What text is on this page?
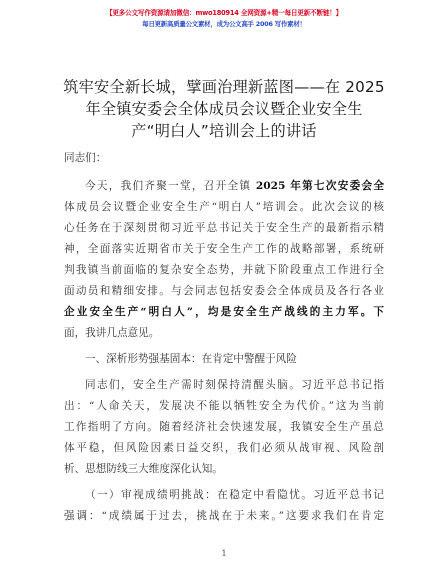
【更多公文写作资源请加微信：mwo180914 全网资源+精一每日更新不断链！】
每日更新高质量公文素材，成为公文高手 2006 写作素材！
筑牢安全新长城，擘画治理新蓝图——在 2025
年全镇安委会全体成员会议暨企业安全生
产“明白人”培训会上的讲话
同志们：
今天，我们齐聚一堂，召开全镇 2025 年第七次安委会全
体成员会议暨企业安全生产“明白人”培训会。此次会议的核
心任务在于深刻贯彻习近平总书记关于安全生产的最新指示精
神，全面落实近期省市关于安全生产工作的战略部署，系统研
判我镇当前面临的复杂安全态势，并就下阶段重点工作进行全
面动员和精细安排。与会同志包括安委会全体成员及各行各业
企业安全生产“明白人”，均是安全生产战线的主力军。下
面，我讲几点意见。
一、深析形势强基固本：在肯定中警醒于风险
同志们，安全生产需时刻保持清醒头脑。习近平总书记指
出：“人命关天，发展决不能以牺牲安全为代价。”这为当前
工作指明了方向。随着经济社会快速发展，我镇安全生产虽总
体平稳，但风险因素日益交织，我们必须从战审视、风险剖
析、思想防线三大维度深化认知。
（一）审视成绩明挑战：在稳定中看隐忧。习近平总书记
强调：“成绩属于过去，挑战在于未来。”这要求我们在肯定
1
